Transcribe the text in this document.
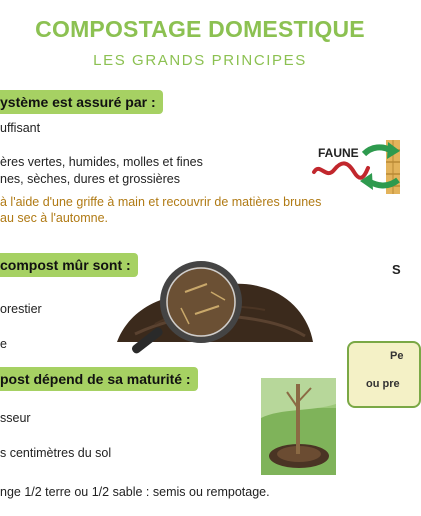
COMPOSTAGE DOMESTIQUE
LES GRANDS PRINCIPES
ystème est assuré par :
uffisant
ères vertes, humides, molles et fines
nes, sèches, dures et grossières
à l'aide d'une griffe à main et recouvrir de matières brunes
au sec à l'automne.
FAUNE
compost mûr sont :
orestier
e
S
Pe
ou pre
post dépend de sa maturité :
sseur
s centimètres du sol
nge 1/2 terre ou 1/2 sable : semis ou rempotage.
